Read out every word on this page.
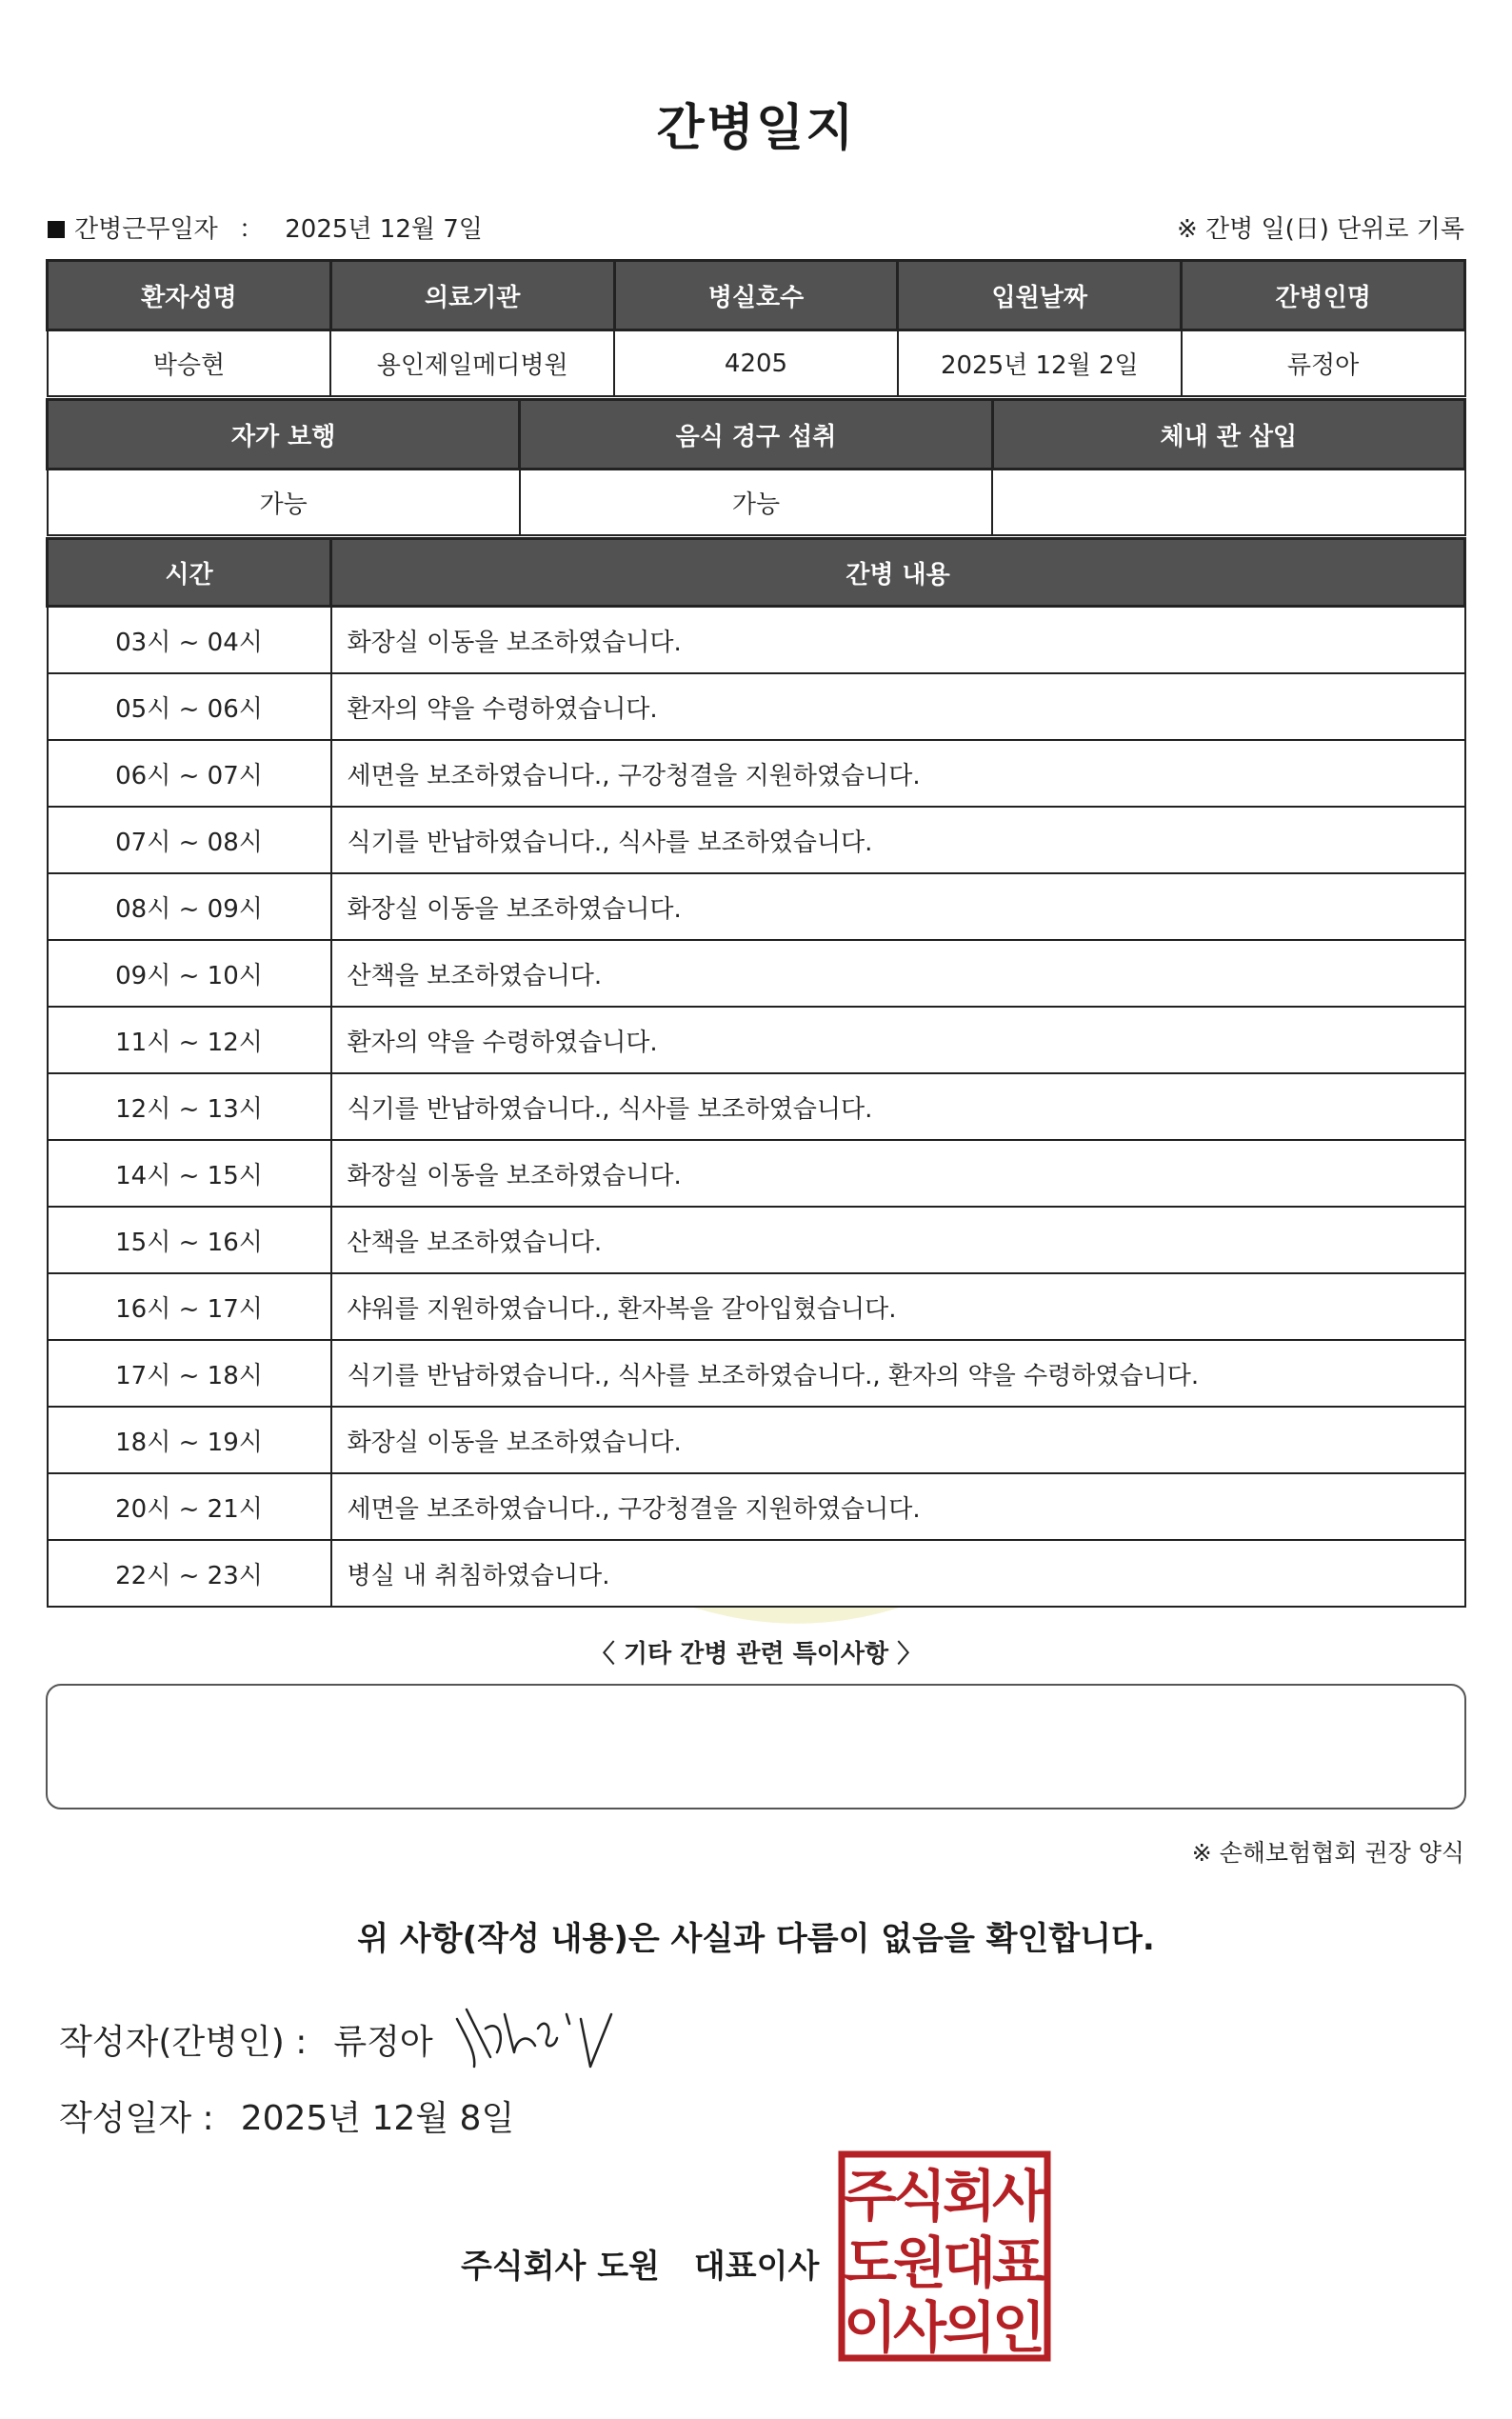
간병일지
간병근무일자 ： 2025년 12월 7일	※ 간병 일(日) 단위로 기록
환자성명	의료기관	병실호수	입원날짜	간병인명
박승현	용인제일메디병원	4205	2025년 12월 2일	류정아
자가 보행	음식 경구 섭취	체내 관 삽입
가능	가능	
시간	간병 내용
03시 ~ 04시	화장실 이동을 보조하였습니다.
05시 ~ 06시	환자의 약을 수령하였습니다.
06시 ~ 07시	세면을 보조하였습니다., 구강청결을 지원하였습니다.
07시 ~ 08시	식기를 반납하였습니다., 식사를 보조하였습니다.
08시 ~ 09시	화장실 이동을 보조하였습니다.
09시 ~ 10시	산책을 보조하였습니다.
11시 ~ 12시	환자의 약을 수령하였습니다.
12시 ~ 13시	식기를 반납하였습니다., 식사를 보조하였습니다.
14시 ~ 15시	화장실 이동을 보조하였습니다.
15시 ~ 16시	산책을 보조하였습니다.
16시 ~ 17시	샤워를 지원하였습니다., 환자복을 갈아입혔습니다.
17시 ~ 18시	식기를 반납하였습니다., 식사를 보조하였습니다., 환자의 약을 수령하였습니다.
18시 ~ 19시	화장실 이동을 보조하였습니다.
20시 ~ 21시	세면을 보조하였습니다., 구강청결을 지원하였습니다.
22시 ~ 23시	병실 내 취침하였습니다.
〈 기타 간병 관련 특이사항 〉
※ 손해보험협회 권장 양식
위 사항(작성 내용)은 사실과 다름이 없음을 확인합니다.
작성자(간병인) : 류정아
작성일자 : 2025년 12월 8일
주식회사 도원 대표이사
주
식
회
사
도
원
대
표
이
사
의
인
